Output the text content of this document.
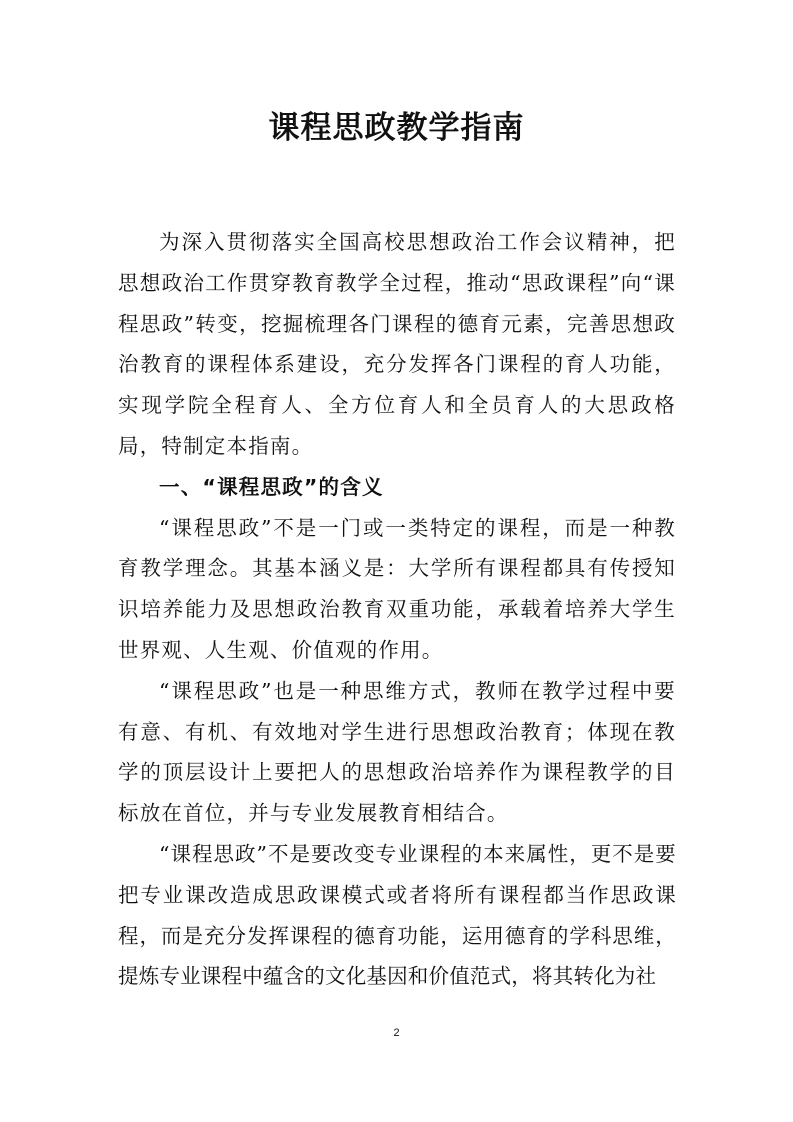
课程思政教学指南

为深入贯彻落实全国高校思想政治工作会议精神，把思想政治工作贯穿教育教学全过程，推动“思政课程”向“课程思政”转变，挖掘梳理各门课程的德育元素，完善思想政治教育的课程体系建设，充分发挥各门课程的育人功能，实现学院全程育人、全方位育人和全员育人的大思政格局，特制定本指南。

一、“课程思政”的含义

“课程思政”不是一门或一类特定的课程，而是一种教育教学理念。其基本涵义是：大学所有课程都具有传授知识培养能力及思想政治教育双重功能，承载着培养大学生世界观、人生观、价值观的作用。

“课程思政”也是一种思维方式，教师在教学过程中要有意、有机、有效地对学生进行思想政治教育；体现在教学的顶层设计上要把人的思想政治培养作为课程教学的目标放在首位，并与专业发展教育相结合。

“课程思政”不是要改变专业课程的本来属性，更不是要把专业课改造成思政课模式或者将所有课程都当作思政课程，而是充分发挥课程的德育功能，运用德育的学科思维，提炼专业课程中蕴含的文化基因和价值范式，将其转化为社

2
